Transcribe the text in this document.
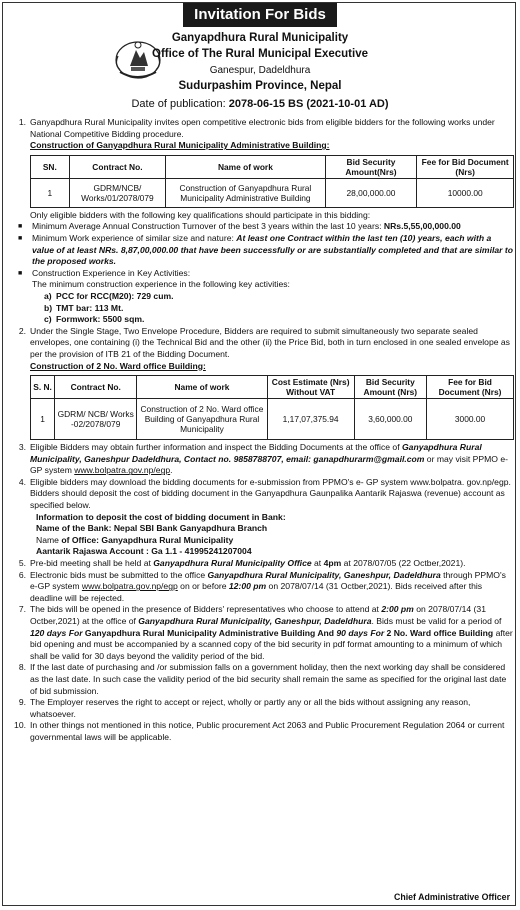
Invitation For Bids
Ganyapdhura Rural Municipality
Office of The Rural Municipal Executive
Ganespur, Dadeldhura
Sudurpashim Province, Nepal
Date of publication: 2078-06-15 BS (2021-10-01 AD)
1. Ganyapdhura Rural Municipality invites open competitive electronic bids from eligible bidders for the following works under National Competitive Bidding procedure.
Construction of Ganyapdhura Rural Municipality Administrative Building:
SN.	Contract No.	Name of work	Bid Security Amount(Nrs)	Fee for Bid Document (Nrs)
1	GDRM/NCB/ Works/01/2078/079	Construction of Ganyapdhura Rural Municipality Administrative Building	28,00,000.00	10000.00
Only eligible bidders with the following key qualifications should participate in this bidding:
■ Minimum Average Annual Construction Turnover of the best 3 years within the last 10 years: NRs.5,55,00,000.00
■ Minimum Work experience of similar size and nature: At least one Contract within the last ten (10) years, each with a value of at least NRs. 8,87,00,000.00 that have been successfully or are substantially completed and that are similar to the proposed works.
■ Construction Experience in Key Activities:
The minimum construction experience in the following key activities:
a) PCC for RCC(M20): 729 cum.
b) TMT bar: 113 Mt.
c) Formwork: 5500 sqm.
2. Under the Single Stage, Two Envelope Procedure, Bidders are required to submit simultaneously two separate sealed envelopes, one containing (i) the Technical Bid and the other (ii) the Price Bid, both in turn enclosed in one sealed envelope as per the provision of ITB 21 of the Bidding Document.
Construction of 2 No. Ward office Building:
S. N.	Contract No.	Name of work	Cost Estimate (Nrs) Without VAT	Bid Security Amount (Nrs)	Fee for Bid Document (Nrs)
1	GDRM/ NCB/ Works -02/2078/079	Construction of 2 No. Ward office Building of Ganyapdhura Rural Municipality	1,17,07,375.94	3,60,000.00	3000.00
3. Eligible Bidders may obtain further information and inspect the Bidding Documents at the office of Ganyapdhura Rural Municipality, Ganeshpur Dadeldhura, Contact no. 9858788707, email: ganapdhurarm@gmail.com or may visit PPMO e-GP system www.bolpatra.gov.np/egp.
4. Eligible bidders may download the bidding documents for e-submission from PPMO's e- GP system www.bolpatra. gov.np/egp. Bidders should deposit the cost of bidding document in the Ganyapdhura Gaunpalika Aantarik Rajaswa (revenue) account as specified below.
Information to deposit the cost of bidding document in Bank:
Name of the Bank: Nepal SBI Bank Ganyapdhura Branch
Name of Office: Ganyapdhura Rural Municipality
Aantarik Rajaswa Account : Ga 1.1 - 41995241207004
5. Pre-bid meeting shall be held at Ganyapdhura Rural Municipality Office at 4pm at 2078/07/05 (22 Octber,2021).
6. Electronic bids must be submitted to the office Ganyapdhura Rural Municipality, Ganeshpur, Dadeldhura through PPMO's e-GP system www.bolpatra.gov.np/egp on or before 12:00 pm on 2078/07/14 (31 Octber,2021). Bids received after this deadline will be rejected.
7. The bids will be opened in the presence of Bidders' representatives who choose to attend at 2:00 pm on 2078/07/14 (31 Octber,2021) at the office of Ganyapdhura Rural Municipality, Ganeshpur, Dadeldhura. Bids must be valid for a period of 120 days For Ganyapdhura Rural Municipality Administrative Building And 90 days For 2 No. Ward office Building after bid opening and must be accompanied by a scanned copy of the bid security in pdf format amounting to a minimum of which shall be valid for 30 days beyond the validity period of the bid.
8. If the last date of purchasing and /or submission falls on a government holiday, then the next working day shall be considered as the last date. In such case the validity period of the bid security shall remain the same as specified for the original last date of bid submission.
9. The Employer reserves the right to accept or reject, wholly or partly any or all the bids without assigning any reason, whatsoever.
10. In other things not mentioned in this notice, Public procurement Act 2063 and Public Procurement Regulation 2064 or current governmental laws will be applicable.
Chief Administrative Officer
